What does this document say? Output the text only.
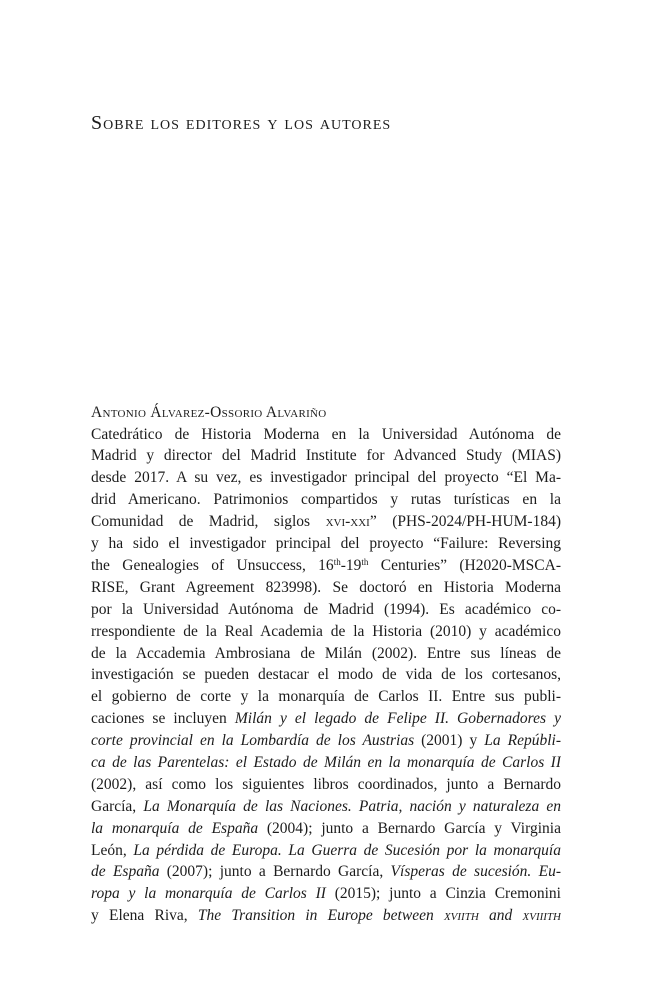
Sobre los editores y los autores

Antonio Álvarez-Ossorio Alvariño

Catedrático de Historia Moderna en la Universidad Autónoma de
Madrid y director del Madrid Institute for Advanced Study (MIAS)
desde 2017. A su vez, es investigador principal del proyecto “El Ma-
drid Americano. Patrimonios compartidos y rutas turísticas en la
Comunidad de Madrid, siglos xvi-xxi” (PHS-2024/PH-HUM-184)
y ha sido el investigador principal del proyecto “Failure: Reversing
the Genealogies of Unsuccess, 16th-19th Centuries” (H2020-MSCA-
RISE, Grant Agreement 823998). Se doctoró en Historia Moderna
por la Universidad Autónoma de Madrid (1994). Es académico co-
rrespondiente de la Real Academia de la Historia (2010) y académico
de la Accademia Ambrosiana de Milán (2002). Entre sus líneas de
investigación se pueden destacar el modo de vida de los cortesanos,
el gobierno de corte y la monarquía de Carlos II. Entre sus publi-
caciones se incluyen Milán y el legado de Felipe II. Gobernadores y
corte provincial en la Lombardía de los Austrias (2001) y La Repúbli-
ca de las Parentelas: el Estado de Milán en la monarquía de Carlos II
(2002), así como los siguientes libros coordinados, junto a Bernardo
García, La Monarquía de las Naciones. Patria, nación y naturaleza en
la monarquía de España (2004); junto a Bernardo García y Virginia
León, La pérdida de Europa. La Guerra de Sucesión por la monarquía
de España (2007); junto a Bernardo García, Vísperas de sucesión. Eu-
ropa y la monarquía de Carlos II (2015); junto a Cinzia Cremonini
y Elena Riva, The Transition in Europe between xviith and xviiith
